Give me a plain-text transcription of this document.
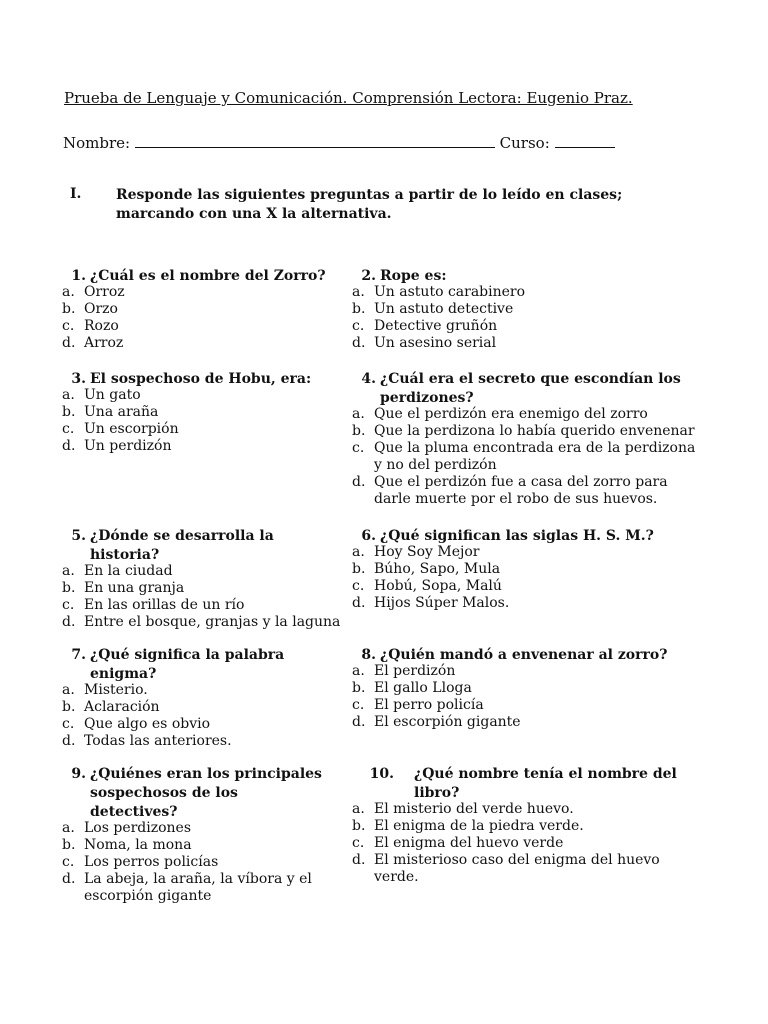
Prueba de Lenguaje y Comunicación. Comprensión Lectora: Eugenio Praz.
Nombre:	Curso:
I. Responde las siguientes preguntas a partir de lo leído en clases; marcando con una X la alternativa.
1. ¿Cuál es el nombre del Zorro?
a. Orroz
b. Orzo
c. Rozo
d. Arroz
2. Rope es:
a. Un astuto carabinero
b. Un astuto detective
c. Detective gruñón
d. Un asesino serial
3. El sospechoso de Hobu, era:
a. Un gato
b. Una araña
c. Un escorpión
d. Un perdizón
4. ¿Cuál era el secreto que escondían los perdizones?
a. Que el perdizón era enemigo del zorro
b. Que la perdizona lo había querido envenenar
c. Que la pluma encontrada era de la perdizona y no del perdizón
d. Que el perdizón fue a casa del zorro para darle muerte por el robo de sus huevos.
5. ¿Dónde se desarrolla la historia?
a. En la ciudad
b. En una granja
c. En las orillas de un río
d. Entre el bosque, granjas y la laguna
6. ¿Qué significan las siglas H. S. M.?
a. Hoy Soy Mejor
b. Búho, Sapo, Mula
c. Hobú, Sopa, Malú
d. Hijos Súper Malos.
7. ¿Qué significa la palabra enigma?
a. Misterio.
b. Aclaración
c. Que algo es obvio
d. Todas las anteriores.
8. ¿Quién mandó a envenenar al zorro?
a. El perdizón
b. El gallo Lloga
c. El perro policía
d. El escorpión gigante
9. ¿Quiénes eran los principales sospechosos de los detectives?
a. Los perdizones
b. Noma, la mona
c. Los perros policías
d. La abeja, la araña, la víbora y el escorpión gigante
10.	¿Qué nombre tenía el nombre del libro?
a. El misterio del verde huevo.
b. El enigma de la piedra verde.
c. El enigma del huevo verde
d. El misterioso caso del enigma del huevo verde.
